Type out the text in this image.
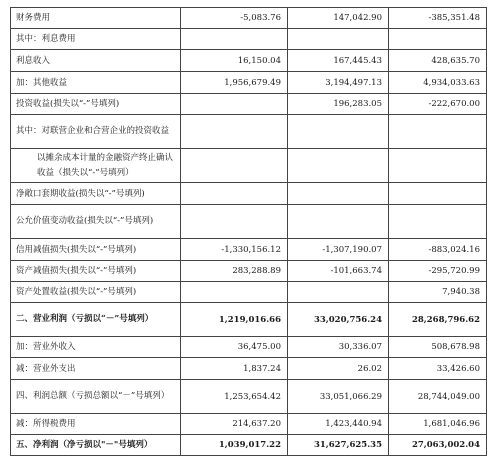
财务费用	-5,083.76	147,042.90	-385,351.48
其中：利息费用			
利息收入	16,150.04	167,445.43	428,635.70
加：其他收益	1,956,679.49	3,194,497.13	4,934,033.63
投资收益(损失以“-”号填列)		196,283.05	-222,670.00
其中：对联营企业和合营企业的投资收益			
以摊余成本计量的金融资产终止确认收益（损失以“-”号填列）			
净敞口套期收益(损失以“-”号填列)			
公允价值变动收益(损失以“-”号填列)			
信用减值损失(损失以“-”号填列)	-1,330,156.12	-1,307,190.07	-883,024.16
资产减值损失(损失以“-”号填列)	283,288.89	-101,663.74	-295,720.99
资产处置收益(损失以“-”号填列)			7,940.38
二、营业利润（亏损以“－”号填列）	1,219,016.66	33,020,756.24	28,268,796.62
加：营业外收入	36,475.00	30,336.07	508,678.98
减：营业外支出	1,837.24	26.02	33,426.60
四、利润总额（亏损总额以“－”号填列）	1,253,654.42	33,051,066.29	28,744,049.00
减：所得税费用	214,637.20	1,423,440.94	1,681,046.96
五、净利润（净亏损以"－"号填列）	1,039,017.22	31,627,625.35	27,063,002.04
